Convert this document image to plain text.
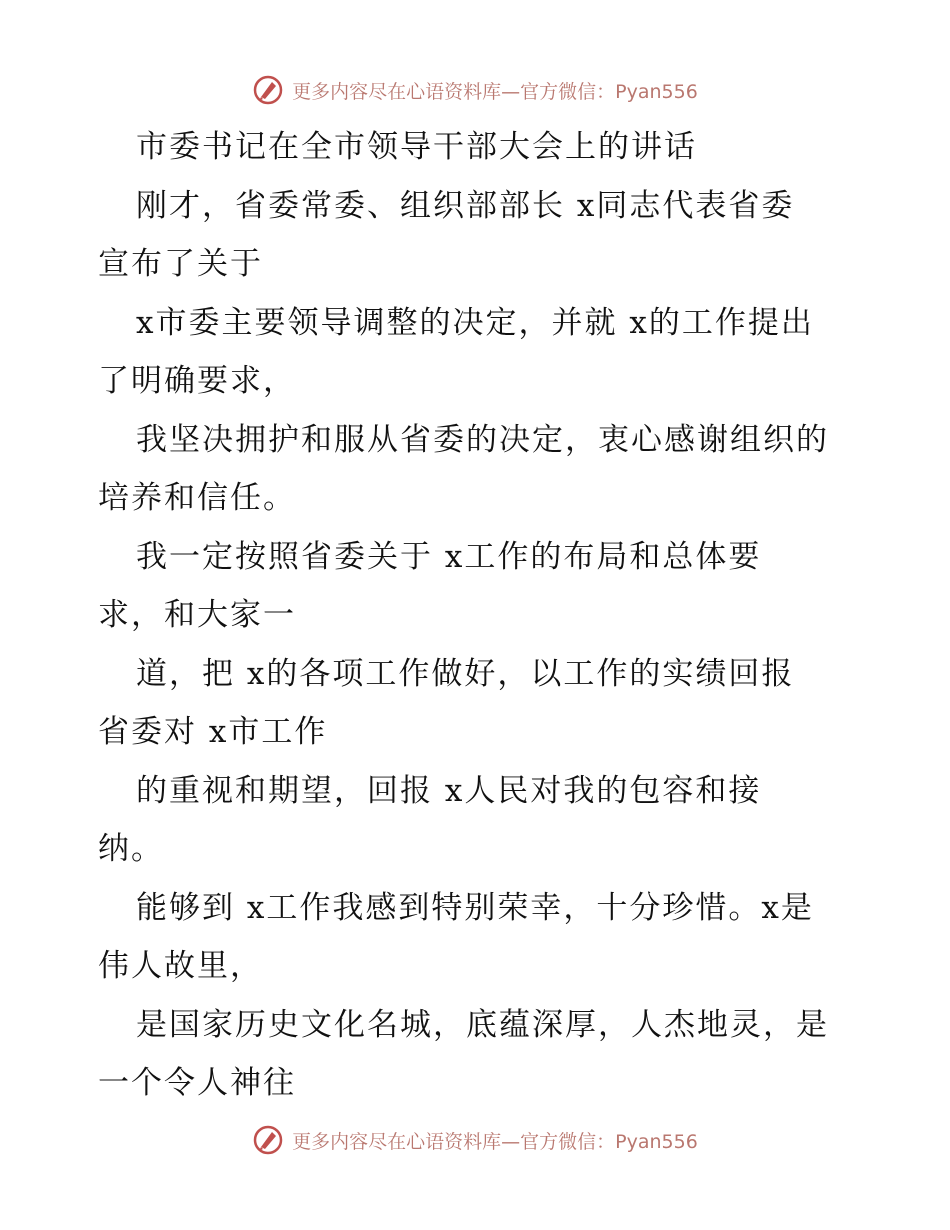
更多内容尽在心语资料库—官方微信：Pyan556
市委书记在全市领导干部大会上的讲话
刚才，省委常委、组织部部长 x同志代表省委
宣布了关于
x市委主要领导调整的决定，并就 x的工作提出
了明确要求，
我坚决拥护和服从省委的决定，衷心感谢组织的
培养和信任。
我一定按照省委关于 x工作的布局和总体要
求，和大家一
道，把 x的各项工作做好，以工作的实绩回报
省委对 x市工作
的重视和期望，回报 x人民对我的包容和接
纳。
能够到 x工作我感到特别荣幸，十分珍惜。x是
伟人故里，
是国家历史文化名城，底蕴深厚，人杰地灵，是
一个令人神往
更多内容尽在心语资料库—官方微信：Pyan556
